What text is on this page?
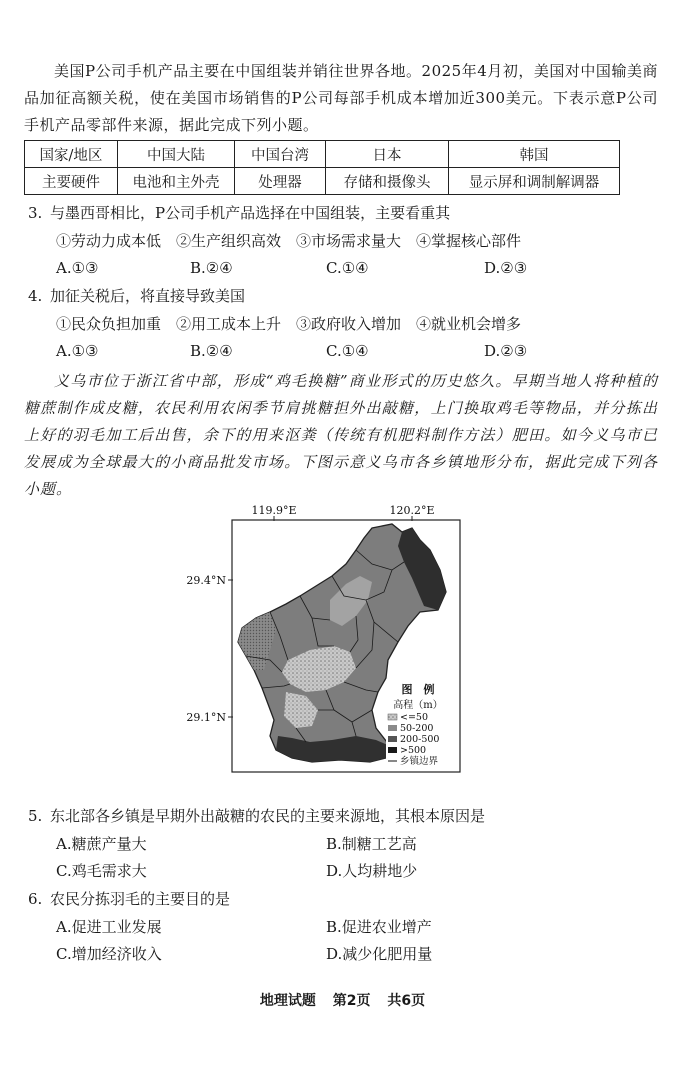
美国P公司手机产品主要在中国组装并销往世界各地。2025年4月初，美国对中国输美商品加征高额关税，使在美国市场销售的P公司每部手机成本增加近300美元。下表示意P公司手机产品零部件来源，据此完成下列小题。
国家/地区	中国大陆	中国台湾	日本	韩国
主要硬件	电池和主外壳	处理器	存储和摄像头	显示屏和调制解调器
3. 与墨西哥相比，P公司手机产品选择在中国组装，主要看重其
①劳动力成本低　②生产组织高效　③市场需求量大　④掌握核心部件
A.①③	B.②④	C.①④	D.②③
4. 加征关税后，将直接导致美国
①民众负担加重　②用工成本上升　③政府收入增加　④就业机会增多
A.①③	B.②④	C.①④	D.②③
义乌市位于浙江省中部，形成“鸡毛换糖”商业形式的历史悠久。早期当地人将种植的糖蔗制作成皮糖，农民利用农闲季节肩挑糖担外出敲糖，上门换取鸡毛等物品，并分拣出上好的羽毛加工后出售，余下的用来沤粪（传统有机肥料制作方法）肥田。如今义乌市已发展成为全球最大的小商品批发市场。下图示意义乌市各乡镇地形分布，据此完成下列各小题。
119.9°E	120.2°E
29.4°N
29.1°N
图　例
高程（m）
<=50
50-200
200-500
>500
乡镇边界
5. 东北部各乡镇是早期外出敲糖的农民的主要来源地，其根本原因是
A.糖蔗产量大	B.制糖工艺高
C.鸡毛需求大	D.人均耕地少
6. 农民分拣羽毛的主要目的是
A.促进工业发展	B.促进农业增产
C.增加经济收入	D.减少化肥用量
地理试题 第2页 共6页
